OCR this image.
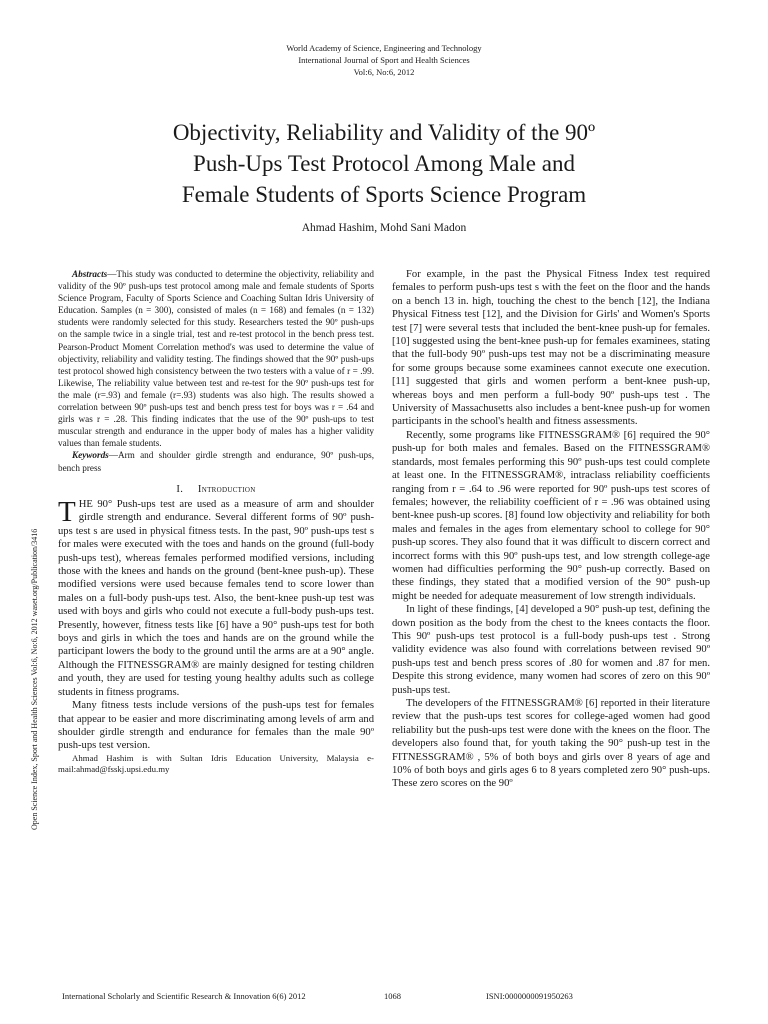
World Academy of Science, Engineering and Technology
International Journal of Sport and Health Sciences
Vol:6, No:6, 2012
Objectivity, Reliability and Validity of the 90º
Push-Ups Test Protocol Among Male and
Female Students of Sports Science Program
Ahmad Hashim, Mohd Sani Madon
Open Science Index, Sport and Health Sciences Vol:6, No:6, 2012 waset.org/Publication/3416

Abstracts—This study was conducted to determine the objectivity, reliability and validity of the 90º push-ups test protocol among male and female students of Sports Science Program, Faculty of Sports Science and Coaching Sultan Idris University of Education. Samples (n = 300), consisted of males (n = 168) and females (n = 132) students were randomly selected for this study. Researchers tested the 90º push-ups on the sample twice in a single trial, test and re-test protocol in the bench press test. Pearson-Product Moment Correlation method's was used to determine the value of objectivity, reliability and validity testing. The findings showed that the 90º push-ups test protocol showed high consistency between the two testers with a value of r = .99. Likewise, The reliability value between test and re-test for the 90º push-ups test for the male (r=.93) and female (r=.93) students was also high. The results showed a correlation between 90º push-ups test and bench press test for boys was r = .64 and girls was r = .28. This finding indicates that the use of the 90º push-ups to test muscular strength and endurance in the upper body of males has a higher validity values than female students.

Keywords—Arm and shoulder girdle strength and endurance, 90º push-ups, bench press

I. Introduction

THE 90° Push-ups test are used as a measure of arm and shoulder girdle strength and endurance. Several different forms of 90º push-ups test s are used in physical fitness tests. In the past, 90º push-ups test s for males were executed with the toes and hands on the ground (full-body push-ups test), whereas females performed modified versions, including those with the knees and hands on the ground (bent-knee push-up). These modified versions were used because females tend to score lower than males on a full-body push-ups test. Also, the bent-knee push-up test was used with boys and girls who could not execute a full-body push-ups test. Presently, however, fitness tests like [6] have a 90° push-ups test for both boys and girls in which the toes and hands are on the ground while the participant lowers the body to the ground until the arms are at a 90° angle. Although the FITNESSGRAM® are mainly designed for testing children and youth, they are used for testing young healthy adults such as college students in fitness programs.

Many fitness tests include versions of the push-ups test for females that appear to be easier and more discriminating among levels of arm and shoulder girdle strength and endurance for females than the male 90º push-ups test version.

Ahmad Hashim is with Sultan Idris Education University, Malaysia e-mail:ahmad@fsskj.upsi.edu.my

For example, in the past the Physical Fitness Index test required females to perform push-ups test s with the feet on the floor and the hands on a bench 13 in. high, touching the chest to the bench [12], the Indiana Physical Fitness test [12], and the Division for Girls' and Women's Sports test [7] were several tests that included the bent-knee push-up for females. [10] suggested using the bent-knee push-up for females examinees, stating that the full-body 90º push-ups test may not be a discriminating measure for some groups because some examinees cannot execute one execution. [11] suggested that girls and women perform a bent-knee push-up, whereas boys and men perform a full-body 90º push-ups test . The University of Massachusetts also includes a bent-knee push-up for women participants in the school's health and fitness assessments.

Recently, some programs like FITNESSGRAM® [6] required the 90° push-up for both males and females. Based on the FITNESSGRAM® standards, most females performing this 90º push-ups test could complete at least one. In the FITNESSGRAM®, intraclass reliability coefficients ranging from r = .64 to .96 were reported for 90º push-ups test scores of females; however, the reliability coefficient of r = .96 was obtained using bent-knee push-up scores. [8] found low objectivity and reliability for both males and females in the ages from elementary school to college for 90° push-up scores. They also found that it was difficult to discern correct and incorrect forms with this 90º push-ups test, and low strength college-age women had difficulties performing the 90° push-up correctly. Based on these findings, they stated that a modified version of the 90° push-up might be needed for adequate measurement of low strength individuals.

In light of these findings, [4] developed a 90° push-up test, defining the down position as the body from the chest to the knees contacts the floor. This 90º push-ups test protocol is a full-body push-ups test . Strong validity evidence was also found with correlations between revised 90º push-ups test and bench press scores of .80 for women and .87 for men. Despite this strong evidence, many women had scores of zero on this 90º push-ups test.

The developers of the FITNESSGRAM® [6] reported in their literature review that the push-ups test scores for college-aged women had good reliability but the push-ups test were done with the knees on the floor. The developers also found that, for youth taking the 90° push-up test in the FITNESSGRAM® , 5% of both boys and girls over 8 years of age and 10% of both boys and girls ages 6 to 8 years completed zero 90° push-ups. These zero scores on the 90º

International Scholarly and Scientific Research & Innovation 6(6) 2012	1068	ISNI:0000000091950263
